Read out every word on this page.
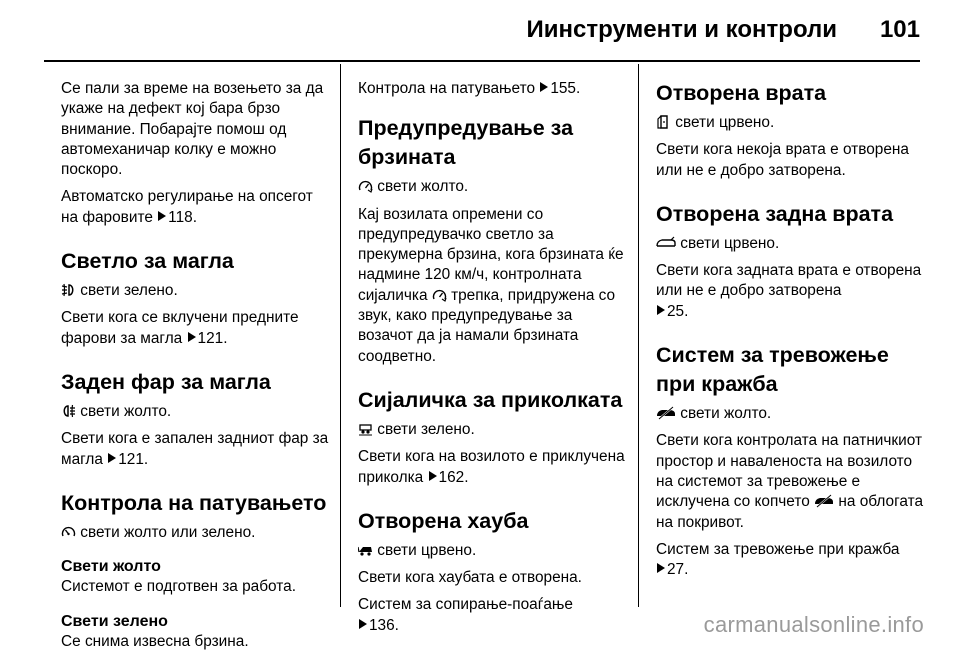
Иинструменти и контроли 101

Се пали за време на возењето за да укаже на дефект кој бара брзо внимание. Побарајте помош од автомеханичар колку е можно поскоро.

Автоматско регулирање на опсегот на фаровите 118.

Светло за магла

свети зелено.

Свети кога се вклучени предните фарови за магла 121.

Заден фар за магла

свети жолто.

Свети кога е запален задниот фар за магла 121.

Контрола на патувањето

свети жолто или зелено.

Свети жолто

Системот е подготвен за работа.

Свети зелено

Се снима извесна брзина.

Контрола на патувањето 155.

Предупредување за брзината

свети жолто.

Кај возилата опремени со предупредувачко светло за прекумерна брзина, кога брзината ќе надмине 120 км/ч, контролната сијаличка трепка, придружена со звук, како предупредување за возачот да ја намали брзината соодветно.

Сијаличка за приколката

свети зелено.

Свети кога на возилото е приклучена приколка 162.

Отворена хауба

свети црвено.

Свети кога хаубата е отворена.

Систем за сопирање-поаѓање
136.

Отворена врата

свети црвено.

Свети кога некоја врата е отворена или не е добро затворена.

Отворена задна врата

свети црвено.

Свети кога задната врата е отворена или не е добро затворена
25.

Систем за тревожење при кражба

свети жолто.

Свети кога контролата на патничкиот простор и наваленоста на возилото на системот за тревожење е исклучена со копчето на облогата на покривот.

Систем за тревожење при кражба
27.

carmanualsonline.info
